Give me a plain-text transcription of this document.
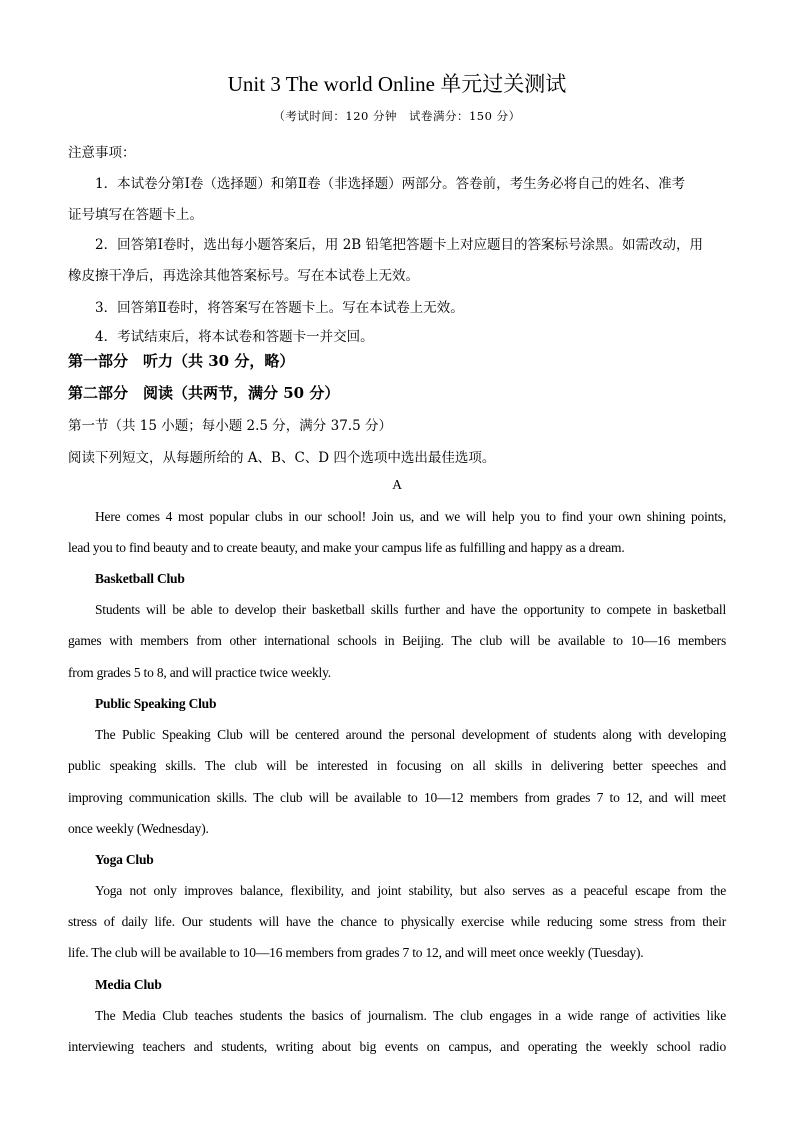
Unit 3 The world Online 单元过关测试
（考试时间：120 分钟　试卷满分：150 分）
注意事项：
1．本试卷分第Ⅰ卷（选择题）和第Ⅱ卷（非选择题）两部分。答卷前，考生务必将自己的姓名、准考
证号填写在答题卡上。
2．回答第Ⅰ卷时，选出每小题答案后，用 2B 铅笔把答题卡上对应题目的答案标号涂黑。如需改动，用
橡皮擦干净后，再选涂其他答案标号。写在本试卷上无效。
3．回答第Ⅱ卷时，将答案写在答题卡上。写在本试卷上无效。
4．考试结束后，将本试卷和答题卡一并交回。
第一部分　听力（共 30 分，略）
第二部分　阅读（共两节，满分 50 分）
第一节（共 15 小题；每小题 2.5 分，满分 37.5 分）
阅读下列短文，从每题所给的 A、B、C、D 四个选项中选出最佳选项。
A
Here comes 4 most popular clubs in our school! Join us, and we will help you to find your own shining points,
lead you to find beauty and to create beauty, and make your campus life as fulfilling and happy as a dream.
Basketball Club
Students will be able to develop their basketball skills further and have the opportunity to compete in basketball
games with members from other international schools in Beijing. The club will be available to 10—16 members
from grades 5 to 8, and will practice twice weekly.
Public Speaking Club
The Public Speaking Club will be centered around the personal development of students along with developing
public speaking skills. The club will be interested in focusing on all skills in delivering better speeches and
improving communication skills. The club will be available to 10—12 members from grades 7 to 12, and will meet
once weekly (Wednesday).
Yoga Club
Yoga not only improves balance, flexibility, and joint stability, but also serves as a peaceful escape from the
stress of daily life. Our students will have the chance to physically exercise while reducing some stress from their
life. The club will be available to 10—16 members from grades 7 to 12, and will meet once weekly (Tuesday).
Media Club
The Media Club teaches students the basics of journalism. The club engages in a wide range of activities like
interviewing teachers and students, writing about big events on campus, and operating the weekly school radio
